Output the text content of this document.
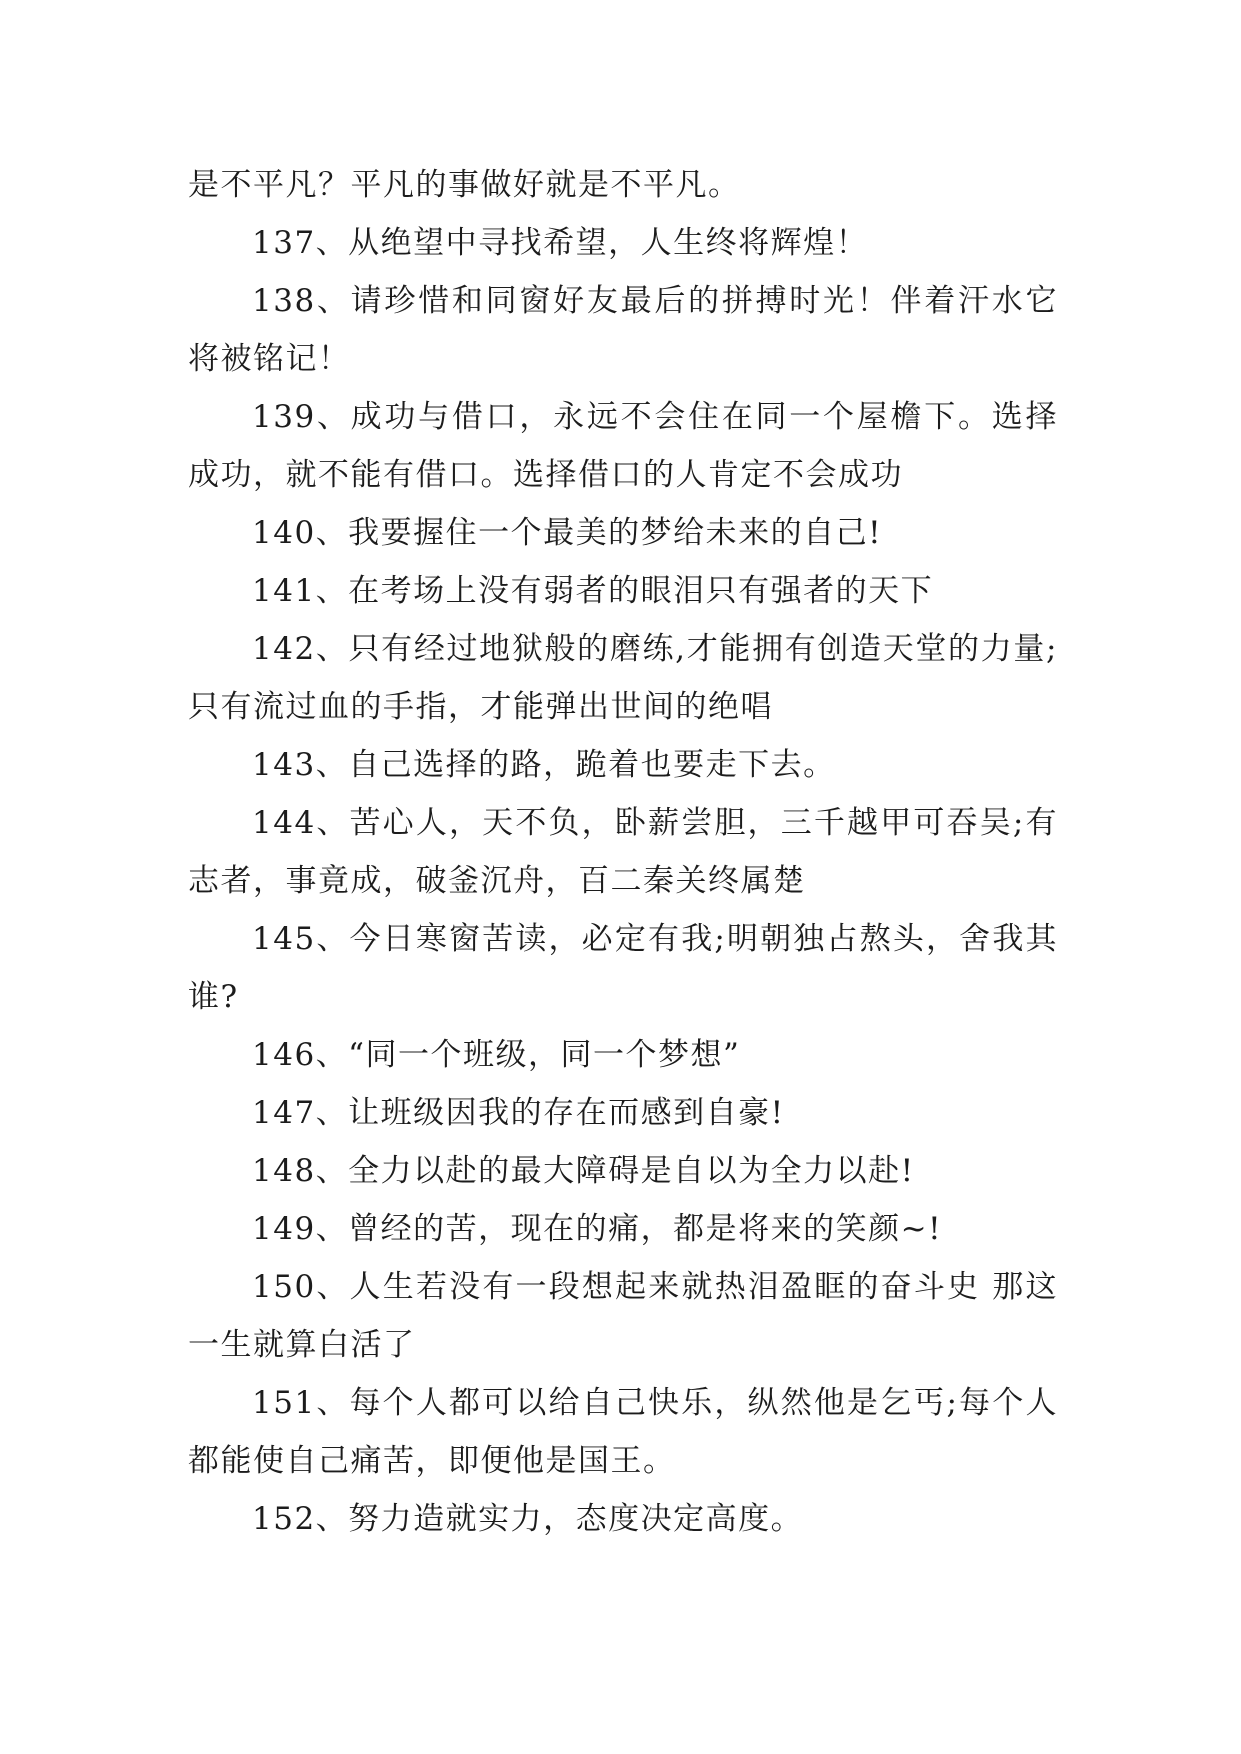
是不平凡？平凡的事做好就是不平凡。

137、从绝望中寻找希望，人生终将辉煌！

138、请珍惜和同窗好友最后的拼搏时光！伴着汗水它将被铭记！

139、成功与借口，永远不会住在同一个屋檐下。选择成功，就不能有借口。选择借口的人肯定不会成功

140、我要握住一个最美的梦给未来的自己!

141、在考场上没有弱者的眼泪只有强者的天下

142、只有经过地狱般的磨练,才能拥有创造天堂的力量;只有流过血的手指，才能弹出世间的绝唱

143、自己选择的路，跪着也要走下去。

144、苦心人，天不负，卧薪尝胆，三千越甲可吞吴;有志者，事竟成，破釜沉舟，百二秦关终属楚

145、今日寒窗苦读，必定有我;明朝独占熬头，舍我其谁?

146、“同一个班级，同一个梦想”

147、让班级因我的存在而感到自豪!

148、全力以赴的最大障碍是自以为全力以赴!

149、曾经的苦，现在的痛，都是将来的笑颜~!

150、人生若没有一段想起来就热泪盈眶的奋斗史 那这一生就算白活了

151、每个人都可以给自己快乐，纵然他是乞丐;每个人都能使自己痛苦，即便他是国王。

152、努力造就实力，态度决定高度。
